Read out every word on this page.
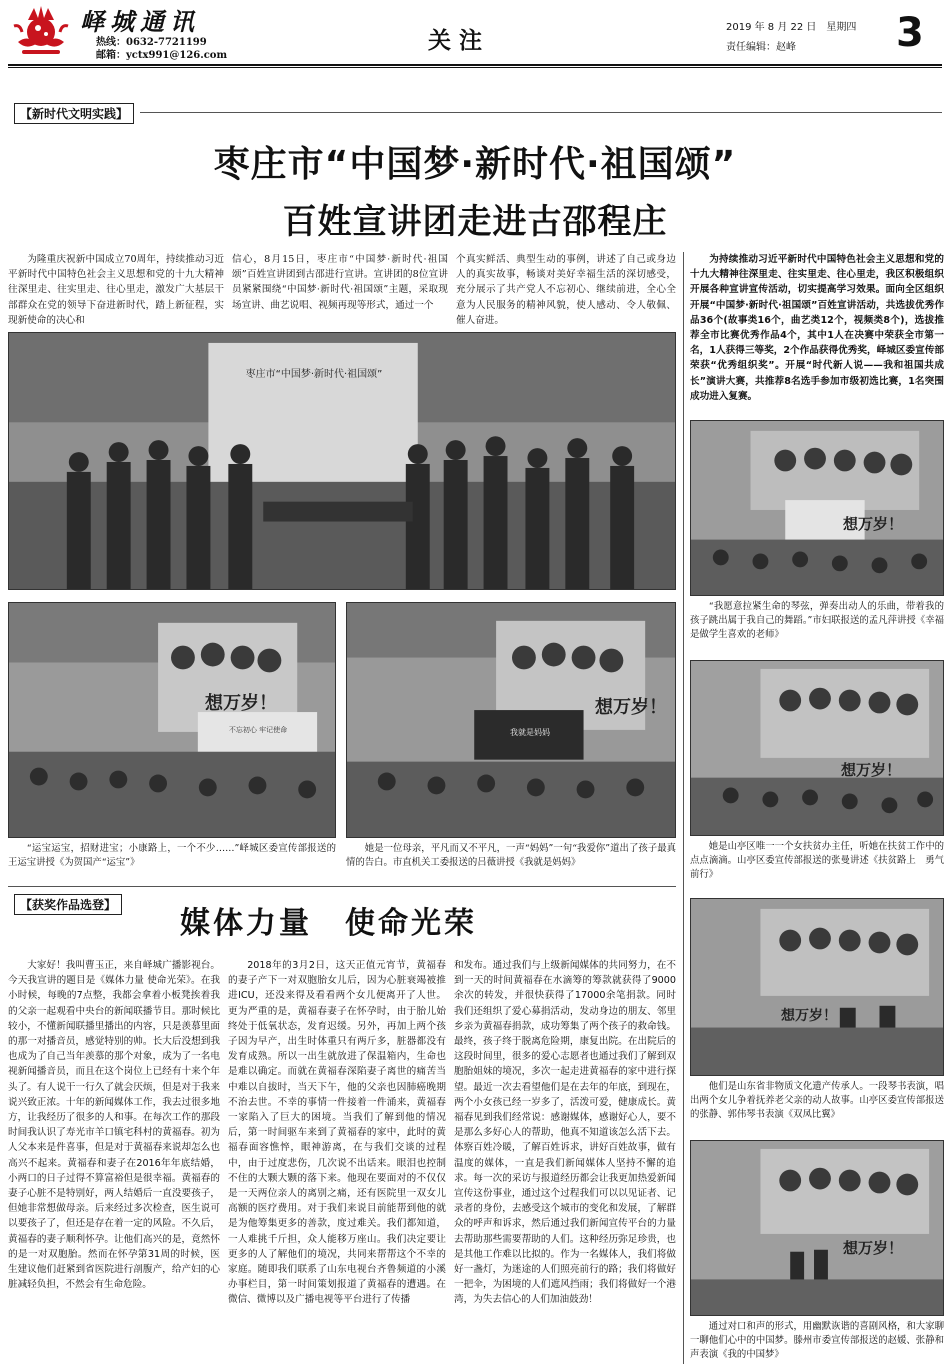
峄城通讯
热线：0632-7721199
邮箱：yctx991@126.com
关注
2019 年 8 月 22 日　星期四
责任编辑：赵峰	3
【新时代文明实践】
枣庄市“中国梦·新时代·祖国颂”
百姓宣讲团走进古邵程庄
为隆重庆祝新中国成立70周年，持续推动习近平新时代中国特色社会主义思想和党的十九大精神往深里走、往实里走、往心里走，激发广大基层干部群众在党的领导下奋进新时代，踏上新征程，实现新使命的决心和
信心，8月15日，枣庄市“中国梦·新时代·祖国颂”百姓宣讲团到古邵进行宣讲。宣讲团的8位宣讲员紧紧围绕“中国梦·新时代·祖国颂”主题，采取现场宣讲、曲艺说唱、视频再现等形式，通过一个
个真实鲜活、典型生动的事例，讲述了自己或身边人的真实故事，畅谈对美好幸福生活的深切感受，充分展示了共产党人不忘初心、继续前进，全心全意为人民服务的精神风貌，使人感动、令人敬佩、催人奋进。
为持续推动习近平新时代中国特色社会主义思想和党的十九大精神往深里走、往实里走、往心里走，我区积极组织开展各种宣讲宣传活动，切实提高学习效果。面向全区组织开展“中国梦·新时代·祖国颂”百姓宣讲活动，共选拔优秀作品36个(故事类16个，曲艺类12个，视频类8个)，选拔推荐全市比赛优秀作品4个，其中1人在决赛中荣获全市第一名，1人获得三等奖，2个作品获得优秀奖，峄城区委宣传部荣获“优秀组织奖”。开展“时代新人说——我和祖国共成长”演讲大赛，共推荐8名选手参加市级初选比赛，1名突围成功进入复赛。
枣庄市“中国梦·新时代·祖国颂”
不忘初心 牢记使命
想万岁！
我就是妈妈
想万岁！
“运宝运宝，招财进宝；小康路上，一个不少……”峄城区委宣传部报送的王运宝讲授《为贺国产“运宝”》
她是一位母亲，平凡而又不平凡，一声“妈妈”一句“我爱你”道出了孩子最真情的告白。市直机关工委报送的吕薇讲授《我就是妈妈》
想万岁！
“我愿意拉紧生命的琴弦，弹奏出动人的乐曲，带着我的孩子跳出属于我自己的舞蹈。”市妇联报送的孟凡萍讲授《幸福是做学生喜欢的老师》
想万岁！
她是山亭区唯一一个女扶贫办主任，听她在扶贫工作中的点点滴滴。山亭区委宣传部报送的张曼讲述《扶贫路上　勇气前行》
想万岁！
他们是山东省非物质文化遗产传承人。一段琴书表演，唱出两个女儿争着抚养老父亲的动人故事。山亭区委宣传部报送的张静、郭伟琴书表演《双凤比翼》
想万岁！
通过对口和声的形式，用幽默诙谐的喜剧风格，和大家聊一聊他们心中的中国梦。滕州市委宣传部报送的赵媛、张静和声表演《我的中国梦》
【获奖作品选登】
媒体力量　使命光荣
大家好！我叫曹玉正，来自峄城广播影视台。今天我宣讲的题目是《媒体力量 使命光荣》。在我小时候，每晚的7点整，我都会拿着小板凳挨着我的父亲一起观看中央台的新闻联播节目。那时候比较小，不懂新闻联播里播出的内容，只是羡慕里面的那一对播音员，感觉特别的帅。长大后没想到我也成为了自己当年羡慕的那个对象，成为了一名电视新闻播音员，而且在这个岗位上已经有十来个年头了。有人说干一行久了就会厌烦，但是对于我来说兴致正浓。十年的新闻媒体工作，我去过很多地方，让我经历了很多的人和事。在每次工作的那段时间我认识了寿光市羊口镇宅科村的黄福春。初为人父本来是件喜事，但是对于黄福春来说却怎么也高兴不起来。黄福春和妻子在2016年年底结婚，小两口的日子过得不算富裕但是很幸福。黄福春的妻子心脏不是特别好，两人结婚后一直没要孩子，但她非常想做母亲。后来经过多次检查，医生说可以要孩子了，但还是存在着一定的风险。不久后，黄福春的妻子顺利怀孕。让他们高兴的是，竟然怀的是一对双胞胎。然而在怀孕第31周的时候，医生建议他们赶紧到省医院进行剖腹产，给产妇的心脏减轻负担，不然会有生命危险。
2018年的3月2日，这天正值元宵节，黄福春的妻子产下一对双胞胎女儿后，因为心脏衰竭被推进ICU，还没来得及看看两个女儿便离开了人世。更为严重的是，黄福春妻子在怀孕时，由于胎儿始终处于低氧状态，发育迟缓。另外，再加上两个孩子因为早产，出生时体重只有两斤多，脏器都没有发育成熟。所以一出生就放进了保温箱内，生命也是难以确定。而就在黄福春深陷妻子离世的痛苦当中难以自拔时，当天下午，他的父亲也因肺癌晚期不治去世。不幸的事情一件接着一件涌来，黄福春一家陷入了巨大的困境。当我们了解到他的情况后，第一时间驱车来到了黄福春的家中，此时的黄福春面容憔悴，眼神游离，在与我们交谈的过程中，由于过度悲伤，几次说不出话来。眼泪也控制不住的大颗大颗的落下来。他现在要面对的不仅仅是一天两位亲人的离别之痛，还有医院里一双女儿高额的医疗费用。对于我们来说目前能帮到他的就是为他筹集更多的善款，度过难关。我们都知道，一人难挑千斤担，众人能移万座山。我们决定要让更多的人了解他们的境况，共同来帮帮这个不幸的家庭。随即我们联系了山东电视台齐鲁频道的小溪办事栏目，第一时间策划报道了黄福春的遭遇。在微信、微博以及广播电视等平台进行了传播
和发布。通过我们与上级新闻媒体的共同努力，在不到一天的时间黄福春在水滴筹的筹款就获得了9000余次的转发，并很快获得了17000余笔捐款。同时我们还组织了爱心募捐活动，发动身边的朋友、邻里乡亲为黄福春捐款，成功筹集了两个孩子的救命钱。最终，孩子终于脱离危险期，康复出院。在出院后的这段时间里，很多的爱心志愿者也通过我们了解到双胞胎姐妹的境况，多次一起走进黄福春的家中进行探望。最近一次去看望他们是在去年的年底，到现在，两个小女孩已经一岁多了，活泼可爱，健康成长。黄福春见到我们经常说：感谢媒体，感谢好心人，要不是那么多好心人的帮助，他真不知道该怎么活下去。体察百姓冷暖，了解百姓诉求，讲好百姓故事，做有温度的媒体，一直是我们新闻媒体人坚持不懈的追求。每一次的采访与报道经历都会让我更加热爱新闻宣传这份事业，通过这个过程我们可以以见证者、记录者的身份，去感受这个城市的变化和发展，了解群众的呼声和诉求，然后通过我们新闻宣传平台的力量去帮助那些需要帮助的人们。这种经历弥足珍贵，也是其他工作难以比拟的。作为一名媒体人，我们将做好一盏灯，为迷途的人们照亮前行的路；我们将做好一把伞，为困境的人们遮风挡雨；我们将做好一个港湾，为失去信心的人们加油鼓劲！
